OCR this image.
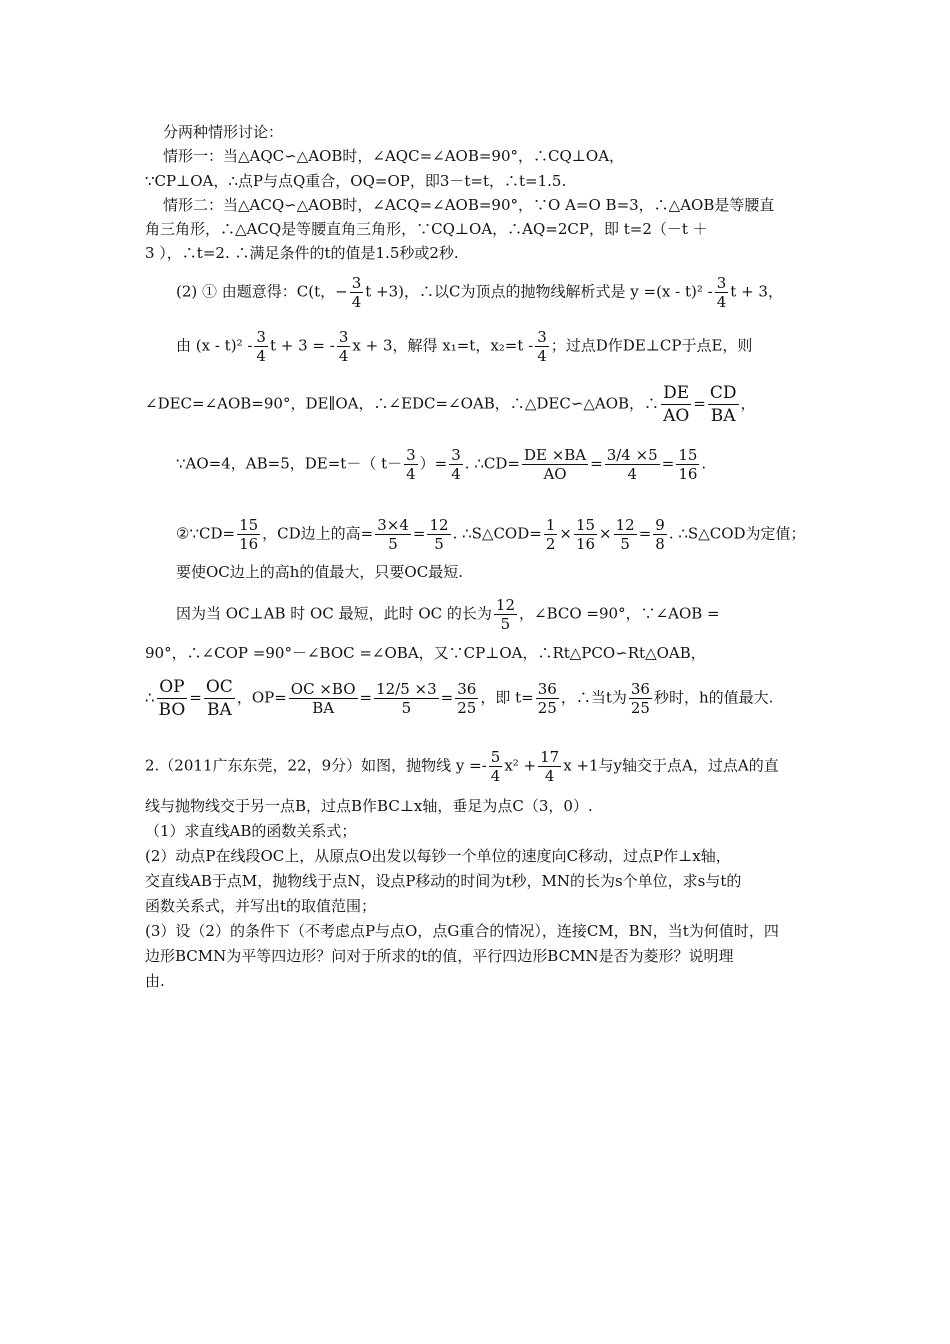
分两种情形讨论：
情形一：当△AQC∽△AOB时，∠AQC=∠AOB=90°，∴CQ⊥OA，
∵CP⊥OA，∴点P与点Q重合，OQ=OP，即3－t=t，∴t=1.5.
情形二：当△ACQ∽△AOB时，∠ACQ=∠AOB=90°，∵O A=O B=3，∴△AOB是等腰直
角三角形，∴△ACQ是等腰直角三角形，∵CQ⊥OA，∴AQ=2CP，即 t=2（－t ＋
3 ），∴t=2. ∴满足条件的t的值是1.5秒或2秒.
(2) ① 由题意得：C(t，− $\frac{3}{4}$ t +3)，∴以C为顶点的抛物线解析式是 $y =(x - t)^2 - \frac{3}{4}$ t + 3，
由 $(x - t)^2 - \frac{3}{4}$ t + 3 = - $\frac{3}{4}$ x + 3，解得 x₁=t，$x_2=t - \frac{3}{4}$ ；过点D作DE⊥CP于点E，则
∠DEC=∠AOB=90°，DE∥OA，∴∠EDC=∠OAB，∴△DEC∽△AOB，∴ $\frac{DE}{AO} = \frac{CD}{BA}$ ，
∵AO=4，AB=5，DE=t－（ $t- \frac{3}{4}$ ）= $\frac{3}{4}$ . ∴CD= $\frac{DE \times BA}{AO} = \frac{3/4 \times 5}{4} = \frac{15}{16}$ .
②∵CD= $\frac{15}{16}$ ，CD边上的高= $\frac{3\times 4}{5} = \frac{12}{5}$ . ∴S△COD= $\frac{1}{2} \times \frac{15}{16} \times \frac{12}{5} = \frac{9}{8}$ . ∴S△COD为定值；
要使OC边上的高h的值最大，只要OC最短.
因为当 OC⊥AB 时 OC 最短，此时 OC 的长为 $\frac{12}{5}$ ，∠BCO =90°，∵∠AOB =
90°，∴∠COP =90°－∠BOC =∠OBA，又∵CP⊥OA，∴Rt△PCO∽Rt△OAB，
∴ $\frac{OP}{BO} = \frac{OC}{BA}$ ，$OP= \frac{OC \times BO}{BA} = \frac{12/5 \times 3}{5} = \frac{36}{25}$ ，即 $t= \frac{36}{25}$ ，∴当t为 $\frac{36}{25}$ 秒时，h的值最大.
2.（2011广东东莞，22，9分）如图，抛物线 $y =- \frac{5}{4} x^2 + \frac{17}{4}$ x +1与y轴交于点A，过点A的直
线与抛物线交于另一点B，过点B作BC⊥x轴，垂足为点C（3，0）.
（1）求直线AB的函数关系式；
(2）动点P在线段OC上，从原点O出发以每钞一个单位的速度向C移动，过点P作⊥x轴，
交直线AB于点M，抛物线于点N，设点P移动的时间为t秒，MN的长为s个单位，求s与t的
函数关系式，并写出t的取值范围；
(3）设（2）的条件下（不考虑点P与点O，点G重合的情况），连接CM，BN，当t为何值时，四
边形BCMN为平等四边形？问对于所求的t的值，平行四边形BCMN是否为菱形？说明理
由.
